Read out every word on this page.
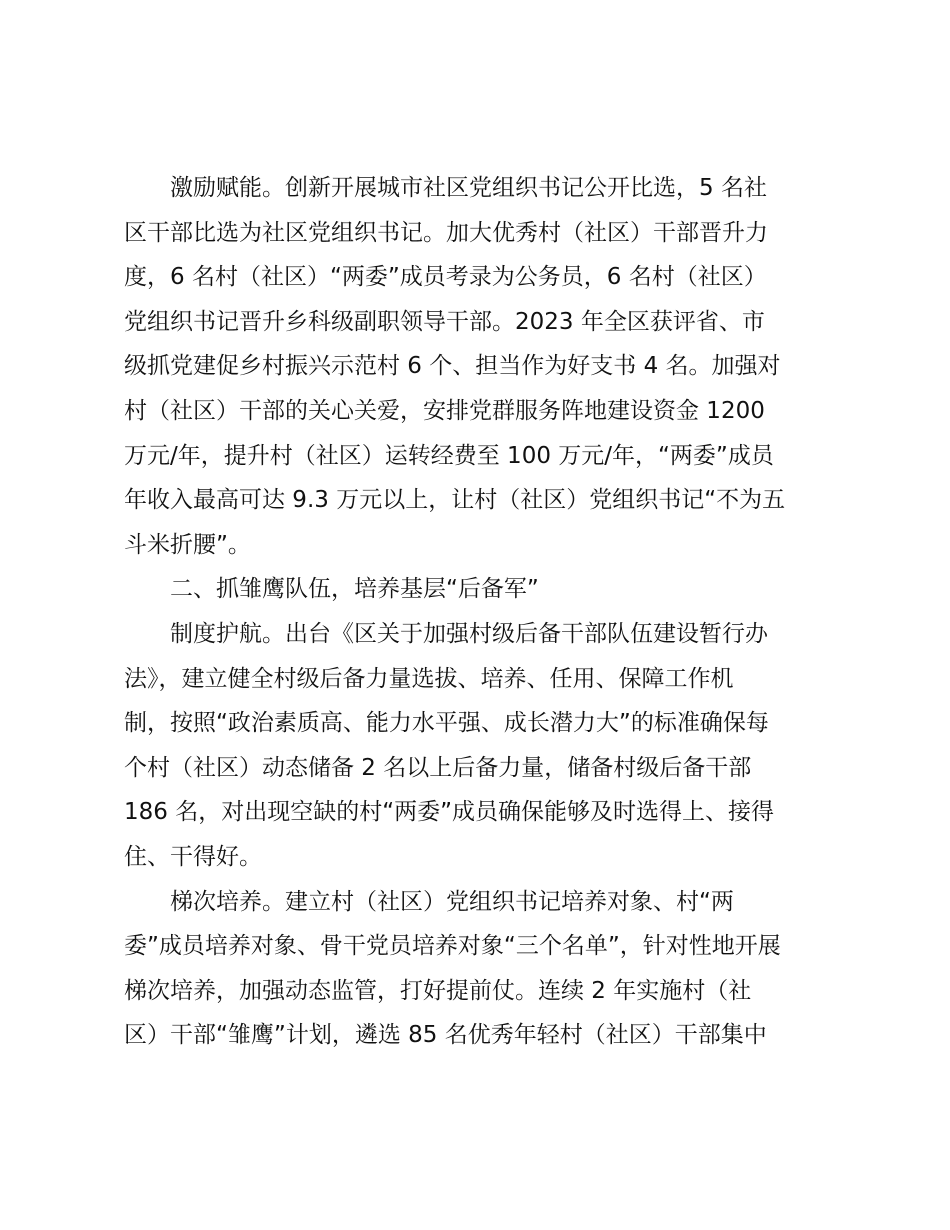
激励赋能。创新开展城市社区党组织书记公开比选，5 名社
区干部比选为社区党组织书记。加大优秀村（社区）干部晋升力
度，6 名村（社区）“两委”成员考录为公务员，6 名村（社区）
党组织书记晋升乡科级副职领导干部。2023 年全区获评省、市
级抓党建促乡村振兴示范村 6 个、担当作为好支书 4 名。加强对
村（社区）干部的关心关爱，安排党群服务阵地建设资金 1200
万元/年，提升村（社区）运转经费至 100 万元/年，“两委”成员
年收入最高可达 9.3 万元以上，让村（社区）党组织书记“不为五
斗米折腰”。
二、抓雏鹰队伍，培养基层“后备军”
制度护航。出台《区关于加强村级后备干部队伍建设暂行办
法》，建立健全村级后备力量选拔、培养、任用、保障工作机
制，按照“政治素质高、能力水平强、成长潜力大”的标准确保每
个村（社区）动态储备 2 名以上后备力量，储备村级后备干部
186 名，对出现空缺的村“两委”成员确保能够及时选得上、接得
住、干得好。
梯次培养。建立村（社区）党组织书记培养对象、村“两
委”成员培养对象、骨干党员培养对象“三个名单”，针对性地开展
梯次培养，加强动态监管，打好提前仗。连续 2 年实施村（社
区）干部“雏鹰”计划，遴选 85 名优秀年轻村（社区）干部集中
